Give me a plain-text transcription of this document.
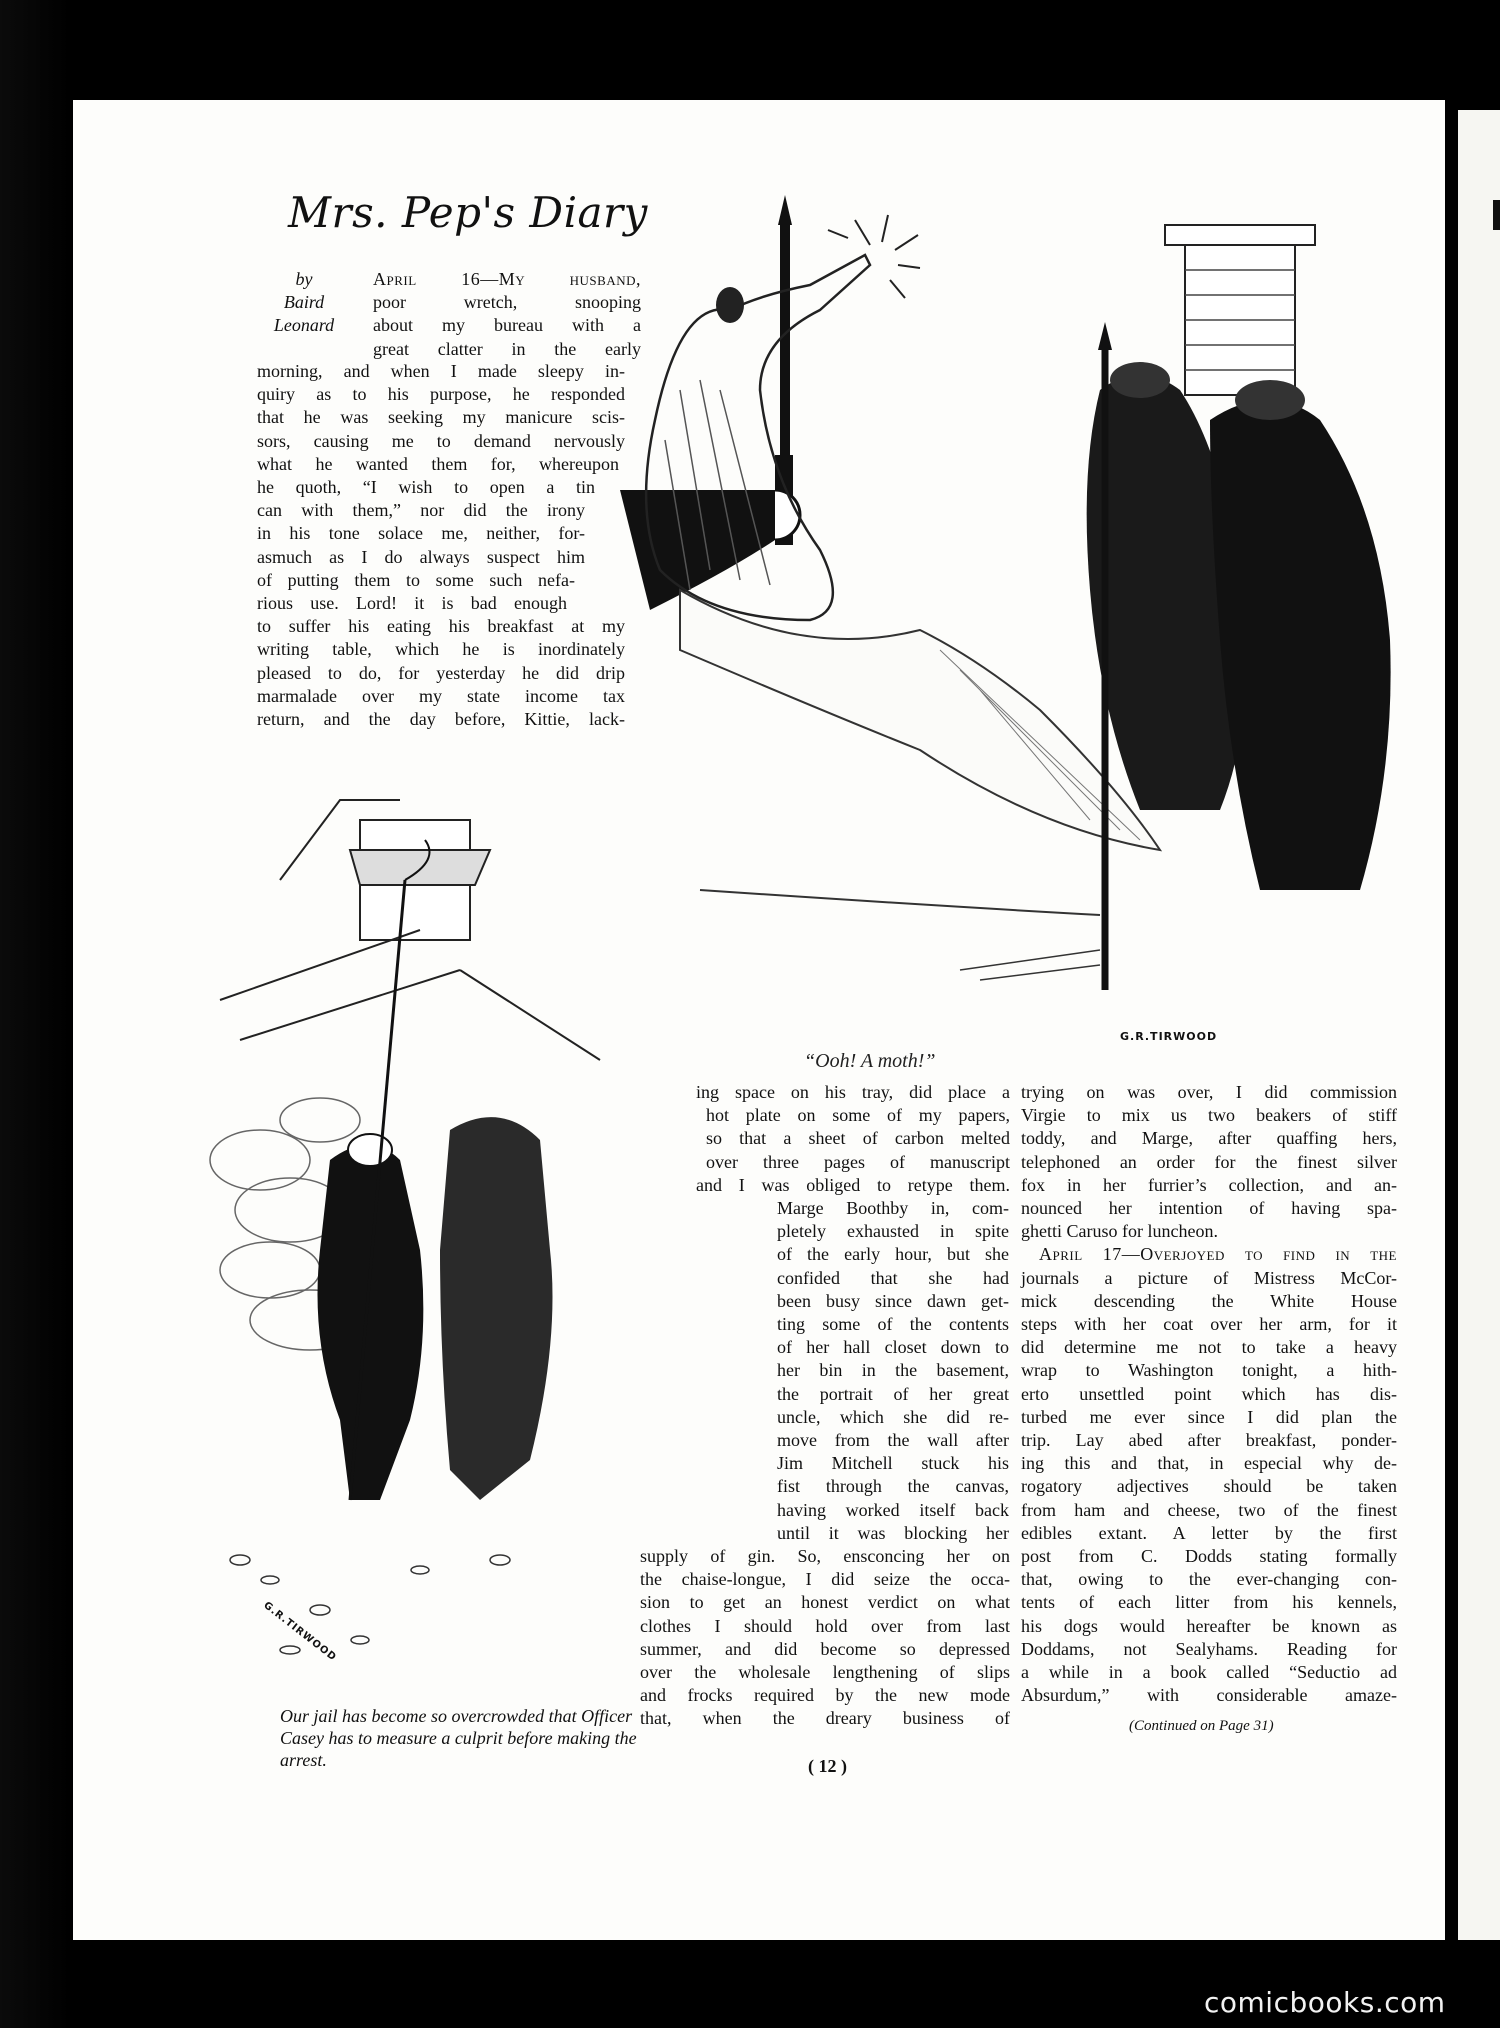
Mrs. Pep's Diary
by
Baird
Leonard
April 16—My husband,
poor wretch, snooping
about my bureau with a
great clatter in the early
morning, and when I made sleepy in-
quiry as to his purpose, he responded
that he was seeking my manicure scis-
sors, causing me to demand nervously
what he wanted them for, whereupon
he quoth, “I wish to open a tin
can with them,” nor did the irony
in his tone solace me, neither, for-
asmuch as I do always suspect him
of putting them to some such nefa-
rious use. Lord! it is bad enough
to suffer his eating his breakfast at my
writing table, which he is inordinately
pleased to do, for yesterday he did drip
marmalade over my state income tax
return, and the day before, Kittie, lack-
ing space on his tray, did place a
hot plate on some of my papers,
so that a sheet of carbon melted
over three pages of manuscript
and I was obliged to retype them.
Marge Boothby in, com-
pletely exhausted in spite
of the early hour, but she
confided that she had
been busy since dawn get-
ting some of the contents
of her hall closet down to
her bin in the basement,
the portrait of her great
uncle, which she did re-
move from the wall after
Jim Mitchell stuck his
fist through the canvas,
having worked itself back
until it was blocking her
supply of gin. So, ensconcing her on
the chaise-longue, I did seize the occa-
sion to get an honest verdict on what
clothes I should hold over from last
summer, and did become so depressed
over the wholesale lengthening of slips
and frocks required by the new mode
that, when the dreary business of
trying on was over, I did commission
Virgie to mix us two beakers of stiff
toddy, and Marge, after quaffing hers,
telephoned an order for the finest silver
fox in her furrier’s collection, and an-
nounced her intention of having spa-
ghetti Caruso for luncheon.
April 17—Overjoyed to find in the
journals a picture of Mistress McCor-
mick descending the White House
steps with her coat over her arm, for it
did determine me not to take a heavy
wrap to Washington tonight, a hith-
erto unsettled point which has dis-
turbed me ever since I did plan the
trip. Lay abed after breakfast, ponder-
ing this and that, in especial why de-
rogatory adjectives should be taken
from ham and cheese, two of the finest
edibles extant. A letter by the first
post from C. Dodds stating formally
that, owing to the ever-changing con-
tents of each litter from his kennels,
his dogs would hereafter be known as
Doddams, not Sealyhams. Reading for
a while in a book called “Seductio ad
Absurdum,” with considerable amaze-
(Continued on Page 31)
“Ooh! A moth!”
G.R.TIRWOOD
G.R.TIRWOOD
Our jail has become so overcrowded that Officer Casey has to measure a culprit before making the arrest.	( 12 )
comicbooks.com
